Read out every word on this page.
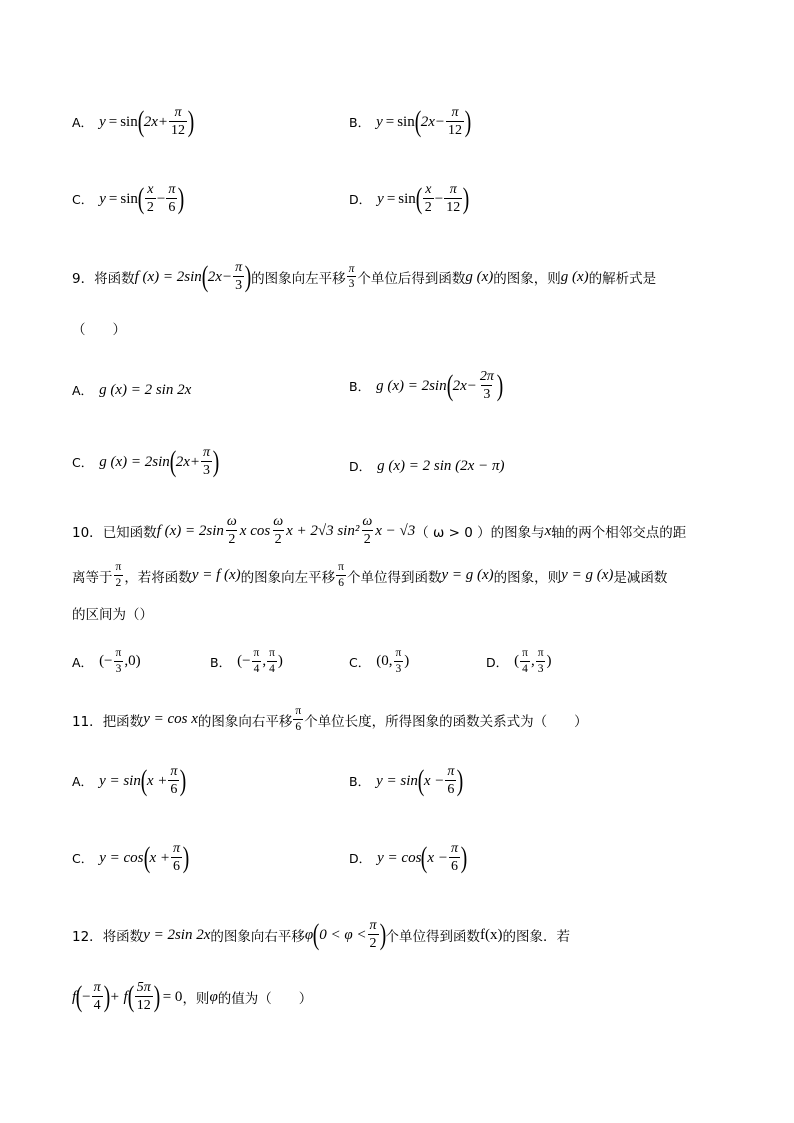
A． y = sin ( $2x+ \frac{\pi}{12}$ )	B． y = sin ( $2x- \frac{\pi}{12}$ )
C． y = sin ( $\frac{x}{2} - \frac{\pi}{6}$ )	D． y = sin ( $\frac{x}{2} - \frac{\pi}{12}$ )
9． 将函数 f (x) = 2sin ( $2x- \frac{\pi}{3}$ ) 的图象向左平移 $\frac{\pi}{3}$ 个单位后得到函数 g (x) 的图象，则 g (x) 的解析式是
（　　）
A． g (x) = 2 sin 2x	B． g (x) = 2sin ( $2x- \frac{2\pi}{3}$ )
C． g (x) = 2sin ( $2x+ \frac{\pi}{3}$ )	D． g (x) = 2 sin (2x − π)
10． 已知函数 f $(x) = 2\sin \frac{\omega}{2}$ x $\cos \frac{\omega}{2}$ x + 2√3 $\sin^2 \frac{\omega}{2}$ x − √3 （ ω > 0 ） 的图象与 x 轴的两个相邻交点的距
离等于 $\frac{\pi}{2}$ ，若将函数 y = f (x) 的图象向左平移 $\frac{\pi}{6}$ 个单位得到函数 y = g (x) 的图象，则 y = g (x) 是减函数
的区间为（）
A． (− $\frac{\pi}{3} ,0$)	B． (− $\frac{\pi}{4}$ , $\frac{\pi}{4}$ )	C． (0, $\frac{\pi}{3}$ )	D． ( $\frac{\pi}{4}$ , $\frac{\pi}{3}$ )
11． 把函数 y = cos x 的图象向右平移 $\frac{\pi}{6}$ 个单位长度，所得图象的函数关系式为（　　）
A． y = sin ( $x + \frac{\pi}{6}$ )	B． y = sin ( $x - \frac{\pi}{6}$ )
C． y = cos ( $x + \frac{\pi}{6}$ )	D． y = cos ( $x - \frac{\pi}{6}$ )
12． 将函数 y = 2sin 2x 的图象向右平移 φ ( $0 < \varphi < \frac{\pi}{2}$ ) 个单位得到函数 f(x) 的图象．若
f ( − $\frac{\pi}{4}$ ) + f ( $\frac{5\pi}{12}$ ) = 0 ，则 φ 的值为（　　）
